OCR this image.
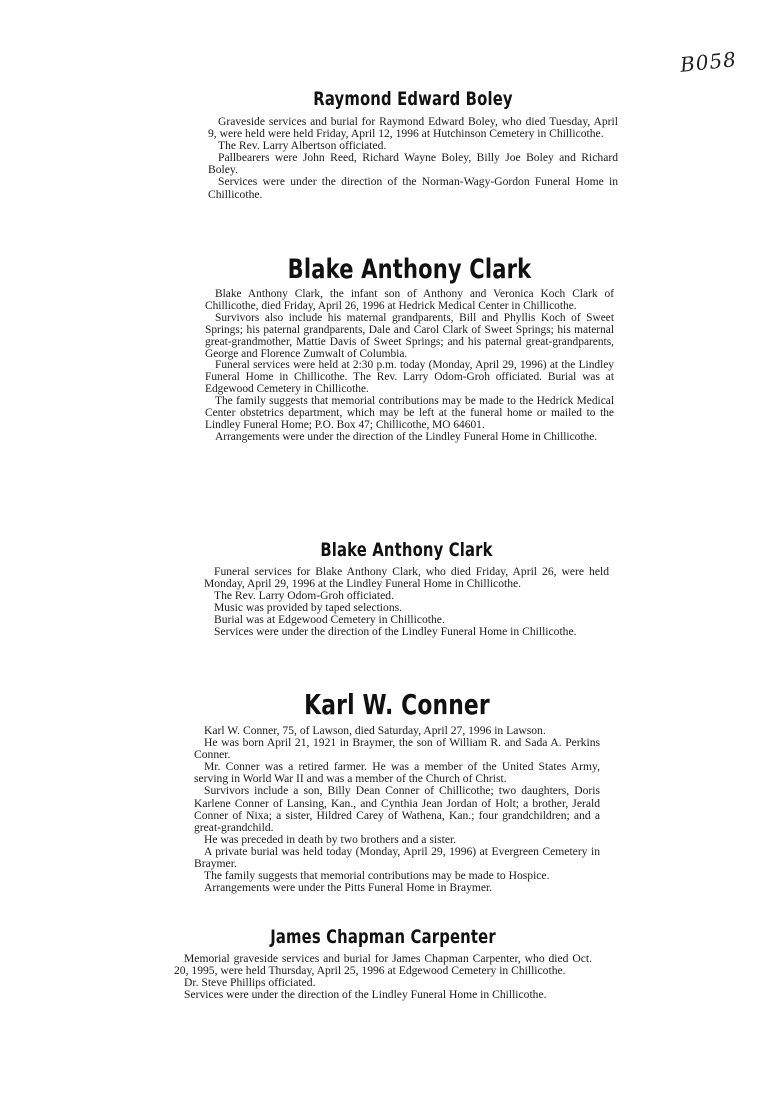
B058
Raymond Edward Boley

Graveside services and burial for Raymond Edward Boley, who died Tuesday, April 9, were held were held Friday, April 12, 1996 at Hutchinson Cemetery in Chillicothe.

The Rev. Larry Albertson officiated.

Pallbearers were John Reed, Richard Wayne Boley, Billy Joe Boley and Richard Boley.

Services were under the direction of the Norman-Wagy-Gordon Funeral Home in Chillicothe.

Blake Anthony Clark

Blake Anthony Clark, the infant son of Anthony and Veronica Koch Clark of Chillicothe, died Friday, April 26, 1996 at Hedrick Medical Center in Chillicothe.

Survivors also include his maternal grandparents, Bill and Phyllis Koch of Sweet Springs; his paternal grandparents, Dale and Carol Clark of Sweet Springs; his maternal great-grandmother, Mattie Davis of Sweet Springs; and his paternal great-grandparents, George and Florence Zumwalt of Columbia.

Funeral services were held at 2:30 p.m. today (Monday, April 29, 1996) at the Lindley Funeral Home in Chillicothe. The Rev. Larry Odom-Groh officiated. Burial was at Edgewood Cemetery in Chillicothe.

The family suggests that memorial contributions may be made to the Hedrick Medical Center obstetrics department, which may be left at the funeral home or mailed to the Lindley Funeral Home; P.O. Box 47; Chillicothe, MO 64601.

Arrangements were under the direction of the Lindley Funeral Home in Chillicothe.

Blake Anthony Clark

Funeral services for Blake Anthony Clark, who died Friday, April 26, were held Monday, April 29, 1996 at the Lindley Funeral Home in Chillicothe.

The Rev. Larry Odom-Groh officiated.

Music was provided by taped selections.

Burial was at Edgewood Cemetery in Chillicothe.

Services were under the direction of the Lindley Funeral Home in Chillicothe.

Karl W. Conner

Karl W. Conner, 75, of Lawson, died Saturday, April 27, 1996 in Lawson.

He was born April 21, 1921 in Braymer, the son of William R. and Sada A. Perkins Conner.

Mr. Conner was a retired farmer. He was a member of the United States Army, serving in World War II and was a member of the Church of Christ.

Survivors include a son, Billy Dean Conner of Chillicothe; two daughters, Doris Karlene Conner of Lansing, Kan., and Cynthia Jean Jordan of Holt; a brother, Jerald Conner of Nixa; a sister, Hildred Carey of Wathena, Kan.; four grandchildren; and a great-grandchild.

He was preceded in death by two brothers and a sister.

A private burial was held today (Monday, April 29, 1996) at Evergreen Cemetery in Braymer.

The family suggests that memorial contributions may be made to Hospice.

Arrangements were under the Pitts Funeral Home in Braymer.

James Chapman Carpenter

Memorial graveside services and burial for James Chapman Carpenter, who died Oct. 20, 1995, were held Thursday, April 25, 1996 at Edgewood Cemetery in Chillicothe.

Dr. Steve Phillips officiated.

Services were under the direction of the Lindley Funeral Home in Chillicothe.
